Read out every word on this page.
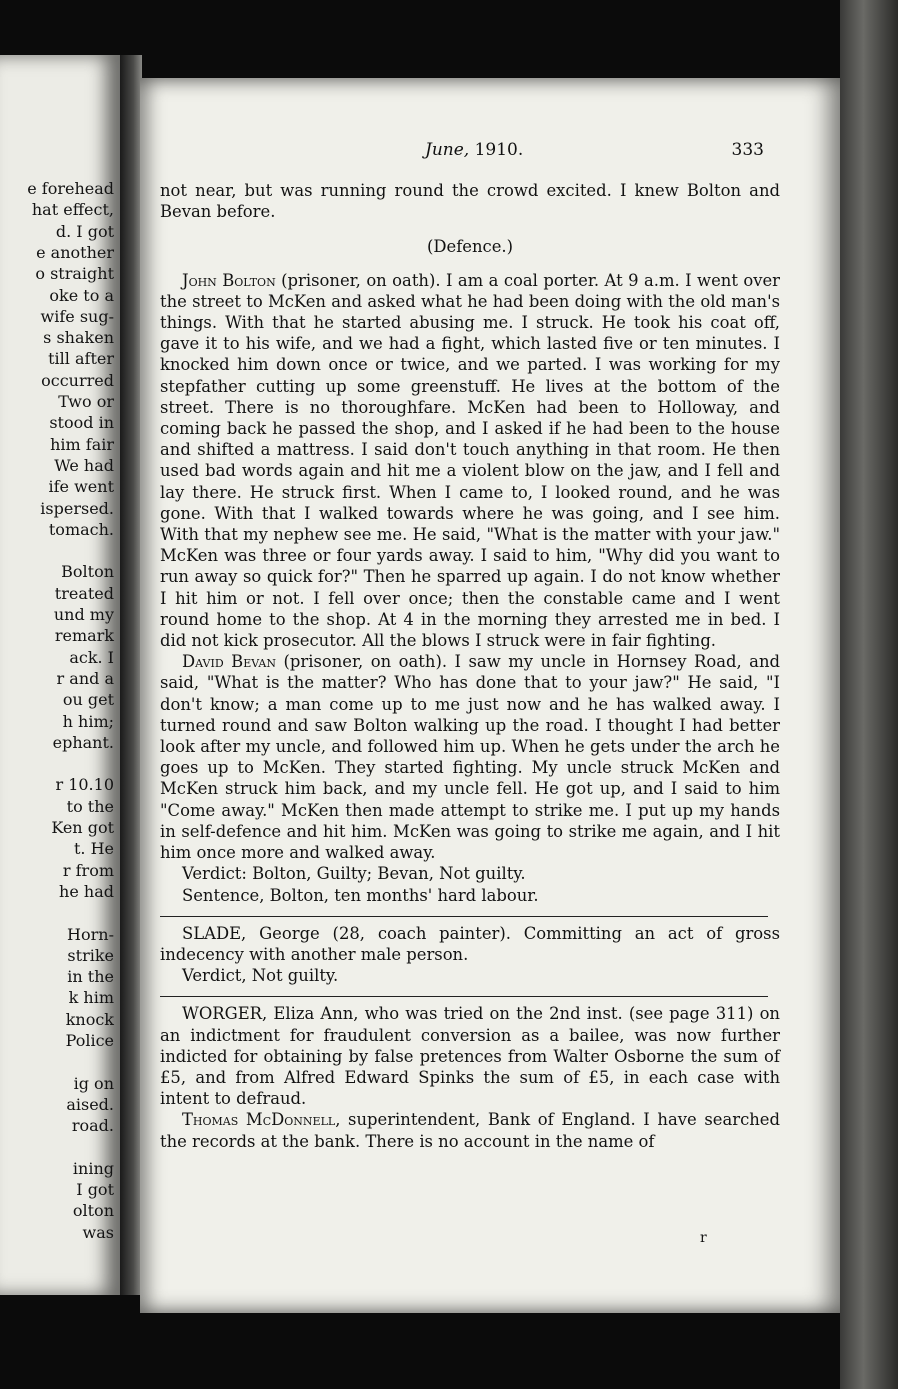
e forehead
hat effect,
d. I got
e another
o straight
oke to a
wife sug-
s shaken
till after
occurred
Two or
stood in
him fair
We had
ife went
ispersed.
tomach.
Bolton
treated
und my
remark
ack. I
r and a
ou get
h him;
ephant.
r 10.10
to the
Ken got
t. He
r from
he had
Horn-
strike
in the
k him
knock
Police
ig on
aised.
road.
ining
I got
olton
was
June, 1910.	333

not near, but was running round the crowd excited. I knew Bolton and Bevan before.

(Defence.)

John Bolton (prisoner, on oath). I am a coal porter. At 9 a.m. I went over the street to McKen and asked what he had been doing with the old man's things. With that he started abusing me. I struck. He took his coat off, gave it to his wife, and we had a fight, which lasted five or ten minutes. I knocked him down once or twice, and we parted. I was working for my stepfather cutting up some greenstuff. He lives at the bottom of the street. There is no thoroughfare. McKen had been to Holloway, and coming back he passed the shop, and I asked if he had been to the house and shifted a mattress. I said don't touch anything in that room. He then used bad words again and hit me a violent blow on the jaw, and I fell and lay there. He struck first. When I came to, I looked round, and he was gone. With that I walked towards where he was going, and I see him. With that my nephew see me. He said, "What is the matter with your jaw." McKen was three or four yards away. I said to him, "Why did you want to run away so quick for?" Then he sparred up again. I do not know whether I hit him or not. I fell over once; then the constable came and I went round home to the shop. At 4 in the morning they arrested me in bed. I did not kick prosecutor. All the blows I struck were in fair fighting.

David Bevan (prisoner, on oath). I saw my uncle in Hornsey Road, and said, "What is the matter? Who has done that to your jaw?" He said, "I don't know; a man come up to me just now and he has walked away. I turned round and saw Bolton walking up the road. I thought I had better look after my uncle, and followed him up. When he gets under the arch he goes up to McKen. They started fighting. My uncle struck McKen and McKen struck him back, and my uncle fell. He got up, and I said to him "Come away." McKen then made attempt to strike me. I put up my hands in self-defence and hit him. McKen was going to strike me again, and I hit him once more and walked away.

Verdict: Bolton, Guilty; Bevan, Not guilty.

Sentence, Bolton, ten months' hard labour.

SLADE, George (28, coach painter). Committing an act of gross indecency with another male person.

Verdict, Not guilty.

WORGER, Eliza Ann, who was tried on the 2nd inst. (see page 311) on an indictment for fraudulent conversion as a bailee, was now further indicted for obtaining by false pretences from Walter Osborne the sum of £5, and from Alfred Edward Spinks the sum of £5, in each case with intent to defraud.

Thomas McDonnell, superintendent, Bank of England. I have searched the records at the bank. There is no account in the name of

r
